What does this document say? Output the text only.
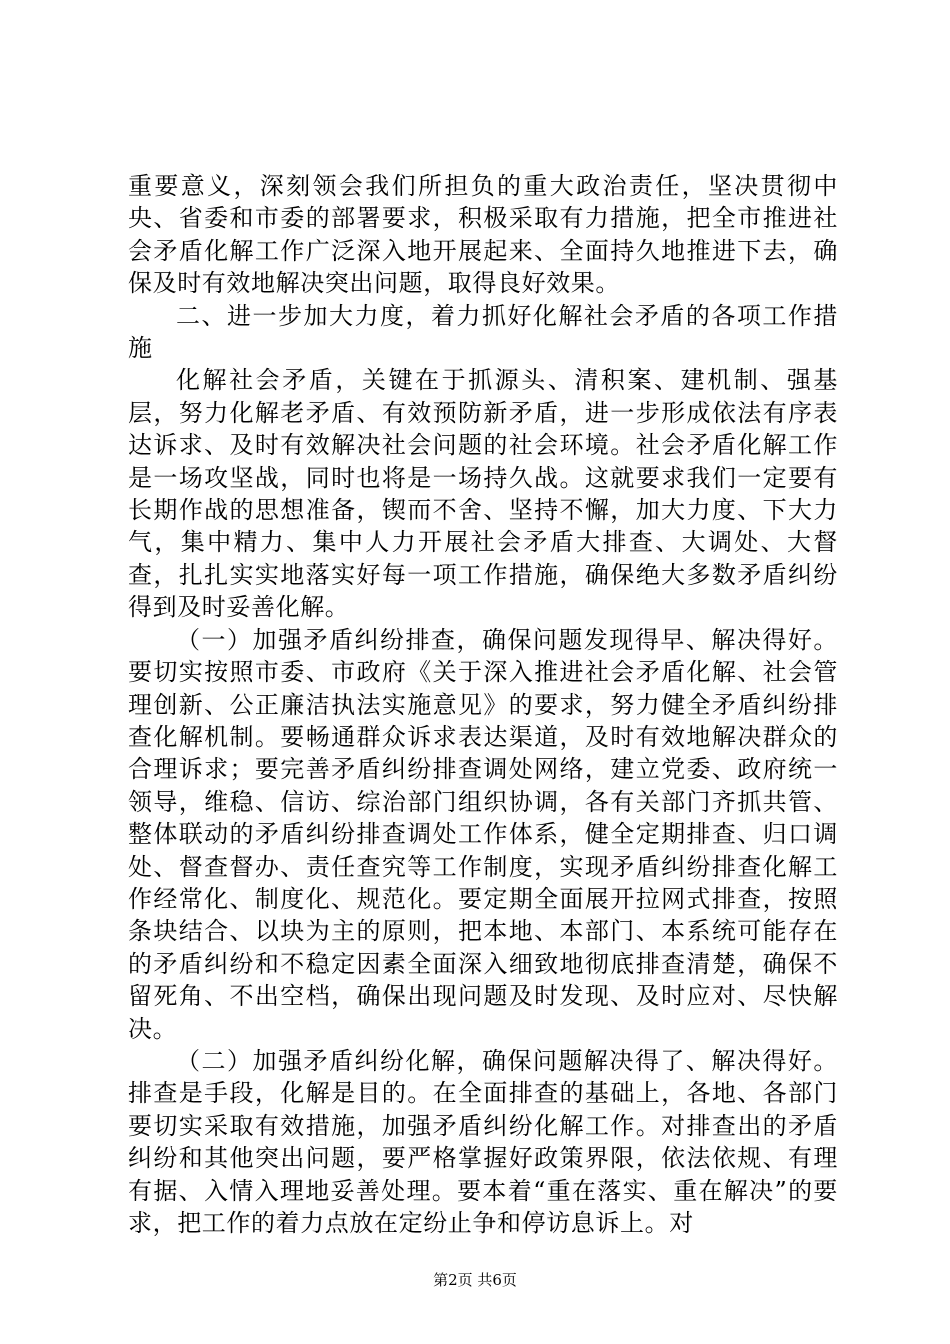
重要意义，深刻领会我们所担负的重大政治责任，坚决贯彻中央、省委和市委的部署要求，积极采取有力措施，把全市推进社会矛盾化解工作广泛深入地开展起来、全面持久地推进下去，确保及时有效地解决突出问题，取得良好效果。

二、进一步加大力度，着力抓好化解社会矛盾的各项工作措施

化解社会矛盾，关键在于抓源头、清积案、建机制、强基层，努力化解老矛盾、有效预防新矛盾，进一步形成依法有序表达诉求、及时有效解决社会问题的社会环境。社会矛盾化解工作是一场攻坚战，同时也将是一场持久战。这就要求我们一定要有长期作战的思想准备，锲而不舍、坚持不懈，加大力度、下大力气，集中精力、集中人力开展社会矛盾大排查、大调处、大督查，扎扎实实地落实好每一项工作措施，确保绝大多数矛盾纠纷得到及时妥善化解。

（一）加强矛盾纠纷排查，确保问题发现得早、解决得好。要切实按照市委、市政府《关于深入推进社会矛盾化解、社会管理创新、公正廉洁执法实施意见》的要求，努力健全矛盾纠纷排查化解机制。要畅通群众诉求表达渠道，及时有效地解决群众的合理诉求；要完善矛盾纠纷排查调处网络，建立党委、政府统一领导，维稳、信访、综治部门组织协调，各有关部门齐抓共管、整体联动的矛盾纠纷排查调处工作体系，健全定期排查、归口调处、督查督办、责任查究等工作制度，实现矛盾纠纷排查化解工作经常化、制度化、规范化。要定期全面展开拉网式排查，按照条块结合、以块为主的原则，把本地、本部门、本系统可能存在的矛盾纠纷和不稳定因素全面深入细致地彻底排查清楚，确保不留死角、不出空档，确保出现问题及时发现、及时应对、尽快解决。

（二）加强矛盾纠纷化解，确保问题解决得了、解决得好。排查是手段，化解是目的。在全面排查的基础上，各地、各部门要切实采取有效措施，加强矛盾纠纷化解工作。对排查出的矛盾纠纷和其他突出问题，要严格掌握好政策界限，依法依规、有理有据、入情入理地妥善处理。要本着“重在落实、重在解决”的要求，把工作的着力点放在定纷止争和停访息诉上。对

第2页 共6页
